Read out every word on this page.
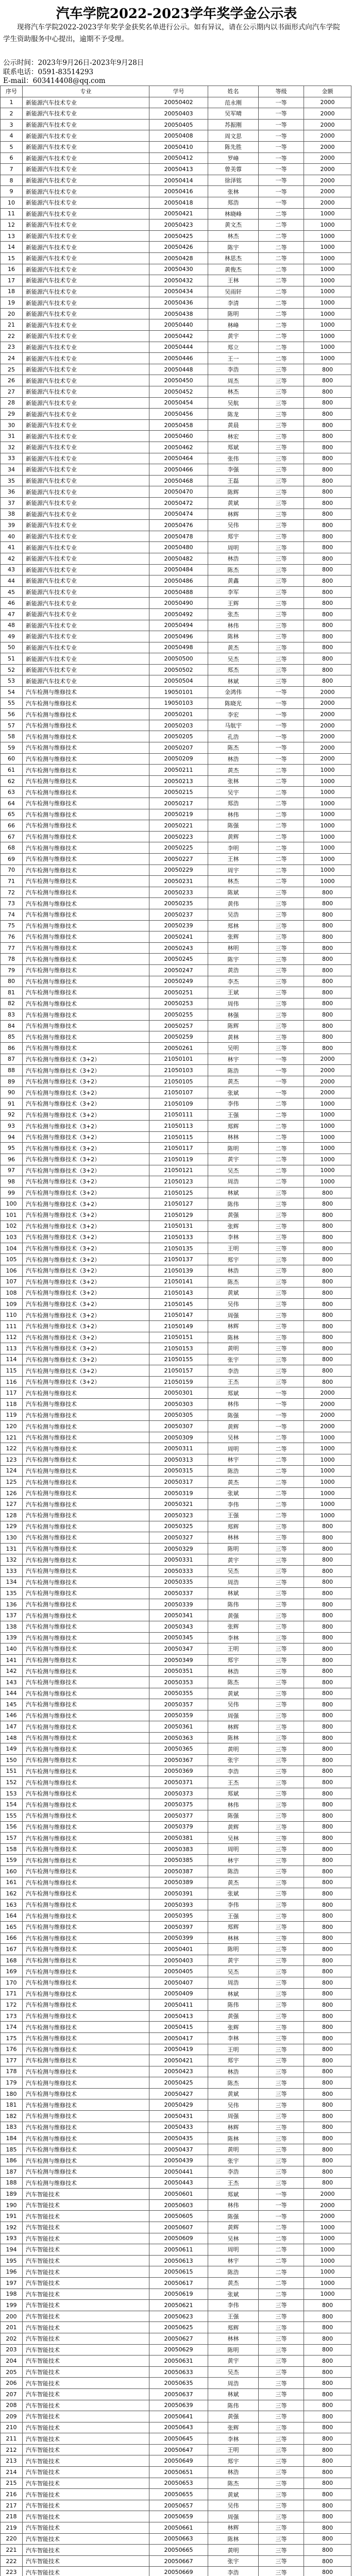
汽车学院2022-2023学年奖学金公示表

现将汽车学院2022-2023学年奖学金获奖名单进行公示。如有异议，请在公示期内以书面形式向汽车学院学生资助服务中心提出，逾期不予受理。

公示时间：2023年9月26日-2023年9月28日
联系电话：0591-83514293
E-mail：603414408@qq.com
序号	专业	学号	姓名	等级	金额
1	新能源汽车技术专业	20050402	范永刚	一等	2000
2	新能源汽车技术专业	20050403	吴军晴	一等	2000
3	新能源汽车技术专业	20050405	苏振刚	一等	2000
4	新能源汽车技术专业	20050408	周文思	一等	2000
5	新能源汽车技术专业	20050410	陈先胜	一等	2000
6	新能源汽车技术专业	20050412	罗峰	一等	2000
7	新能源汽车技术专业	20050413	曾美蓉	一等	2000
8	新能源汽车技术专业	20050414	徐泽铭	一等	2000
9	新能源汽车技术专业	20050416	张林	一等	2000
10	新能源汽车技术专业	20050418	郑浩	一等	2000
11	新能源汽车技术专业	20050421	林晓峰	二等	1000
12	新能源汽车技术专业	20050423	黄文杰	二等	1000
13	新能源汽车技术专业	20050425	林杰	二等	1000
14	新能源汽车技术专业	20050426	陈宇	二等	1000
15	新能源汽车技术专业	20050428	林思杰	二等	1000
16	新能源汽车技术专业	20050430	黄俊杰	二等	1000
17	新能源汽车技术专业	20050432	王林	二等	1000
18	新能源汽车技术专业	20050434	吴雨轩	二等	1000
19	新能源汽车技术专业	20050436	李清	二等	1000
20	新能源汽车技术专业	20050438	陈明	二等	1000
21	新能源汽车技术专业	20050440	林峰	二等	1000
22	新能源汽车技术专业	20050442	黄宇	二等	1000
23	新能源汽车技术专业	20050444	郑立	二等	1000
24	新能源汽车技术专业	20050446	王一	二等	1000
25	新能源汽车技术专业	20050448	李浩	三等	800
26	新能源汽车技术专业	20050450	周杰	三等	800
27	新能源汽车技术专业	20050452	林杰	三等	800
28	新能源汽车技术专业	20050454	吴航	三等	800
29	新能源汽车技术专业	20050456	陈龙	三等	800
30	新能源汽车技术专业	20050458	黄晨	三等	800
31	新能源汽车技术专业	20050460	林宏	三等	800
32	新能源汽车技术专业	20050462	郑斌	三等	800
33	新能源汽车技术专业	20050464	张伟	三等	800
34	新能源汽车技术专业	20050466	李强	三等	800
35	新能源汽车技术专业	20050468	王磊	三等	800
36	新能源汽车技术专业	20050470	陈辉	三等	800
37	新能源汽车技术专业	20050472	黄斌	三等	800
38	新能源汽车技术专业	20050474	林辉	三等	800
39	新能源汽车技术专业	20050476	吴伟	三等	800
40	新能源汽车技术专业	20050478	郑宇	三等	800
41	新能源汽车技术专业	20050480	周明	三等	800
42	新能源汽车技术专业	20050482	林浩	三等	800
43	新能源汽车技术专业	20050484	陈杰	三等	800
44	新能源汽车技术专业	20050486	黄鑫	三等	800
45	新能源汽车技术专业	20050488	李军	三等	800
46	新能源汽车技术专业	20050490	王辉	三等	800
47	新能源汽车技术专业	20050492	张杰	三等	800
48	新能源汽车技术专业	20050494	林伟	三等	800
49	新能源汽车技术专业	20050496	陈林	三等	800
50	新能源汽车技术专业	20050498	黄杰	三等	800
51	新能源汽车技术专业	20050500	吴杰	三等	800
52	新能源汽车技术专业	20050502	郑杰	三等	800
53	新能源汽车技术专业	20050504	林斌	三等	800
54	汽车检测与维修技术	19050101	金鸿伟	一等	2000
55	汽车检测与维修技术	19050103	陈晓光	一等	2000
56	汽车检测与维修技术	20050201	李宏	一等	2000
57	汽车检测与维修技术	20050203	马航宇	一等	2000
58	汽车检测与维修技术	20050205	孔浩	一等	2000
59	汽车检测与维修技术	20050207	陈杰	一等	2000
60	汽车检测与维修技术	20050209	林浩	一等	2000
61	汽车检测与维修技术	20050211	黄杰	二等	1000
62	汽车检测与维修技术	20050213	张林	二等	1000
63	汽车检测与维修技术	20050215	吴宇	二等	1000
64	汽车检测与维修技术	20050217	郑浩	二等	1000
65	汽车检测与维修技术	20050219	林伟	二等	1000
66	汽车检测与维修技术	20050221	陈强	二等	1000
67	汽车检测与维修技术	20050223	黄辉	二等	1000
68	汽车检测与维修技术	20050225	李明	二等	1000
69	汽车检测与维修技术	20050227	王林	二等	1000
70	汽车检测与维修技术	20050229	周宇	二等	1000
71	汽车检测与维修技术	20050231	林杰	二等	1000
72	汽车检测与维修技术	20050233	陈斌	三等	800
73	汽车检测与维修技术	20050235	黄伟	三等	800
74	汽车检测与维修技术	20050237	吴浩	三等	800
75	汽车检测与维修技术	20050239	郑林	三等	800
76	汽车检测与维修技术	20050241	张辉	三等	800
77	汽车检测与维修技术	20050243	林明	三等	800
78	汽车检测与维修技术	20050245	陈宇	三等	800
79	汽车检测与维修技术	20050247	黄浩	三等	800
80	汽车检测与维修技术	20050249	李杰	三等	800
81	汽车检测与维修技术	20050251	王斌	三等	800
82	汽车检测与维修技术	20050253	周伟	三等	800
83	汽车检测与维修技术	20050255	林强	三等	800
84	汽车检测与维修技术	20050257	陈辉	三等	800
85	汽车检测与维修技术	20050259	黄林	三等	800
86	汽车检测与维修技术	20050261	吴明	三等	800
87	汽车检测与维修技术（3+2）	21050101	林宇	一等	2000
88	汽车检测与维修技术（3+2）	21050103	陈浩	一等	2000
89	汽车检测与维修技术（3+2）	21050105	黄杰	一等	2000
90	汽车检测与维修技术（3+2）	21050107	张斌	一等	2000
91	汽车检测与维修技术（3+2）	21050109	李伟	二等	1000
92	汽车检测与维修技术（3+2）	21050111	王强	二等	1000
93	汽车检测与维修技术（3+2）	21050113	郑辉	二等	1000
94	汽车检测与维修技术（3+2）	21050115	林林	二等	1000
95	汽车检测与维修技术（3+2）	21050117	陈明	二等	1000
96	汽车检测与维修技术（3+2）	21050119	黄宇	二等	1000
97	汽车检测与维修技术（3+2）	21050121	吴杰	二等	1000
98	汽车检测与维修技术（3+2）	21050123	周浩	二等	1000
99	汽车检测与维修技术（3+2）	21050125	林斌	三等	800
100	汽车检测与维修技术（3+2）	21050127	陈伟	三等	800
101	汽车检测与维修技术（3+2）	21050129	黄强	三等	800
102	汽车检测与维修技术（3+2）	21050131	张辉	三等	800
103	汽车检测与维修技术（3+2）	21050133	李林	三等	800
104	汽车检测与维修技术（3+2）	21050135	王明	三等	800
105	汽车检测与维修技术（3+2）	21050137	郑宇	三等	800
106	汽车检测与维修技术（3+2）	21050139	林浩	三等	800
107	汽车检测与维修技术（3+2）	21050141	陈杰	三等	800
108	汽车检测与维修技术（3+2）	21050143	黄斌	三等	800
109	汽车检测与维修技术（3+2）	21050145	吴伟	三等	800
110	汽车检测与维修技术（3+2）	21050147	周强	三等	800
111	汽车检测与维修技术（3+2）	21050149	林辉	三等	800
112	汽车检测与维修技术（3+2）	21050151	陈林	三等	800
113	汽车检测与维修技术（3+2）	21050153	黄明	三等	800
114	汽车检测与维修技术（3+2）	21050155	张宇	三等	800
115	汽车检测与维修技术（3+2）	21050157	李浩	三等	800
116	汽车检测与维修技术（3+2）	21050159	王杰	三等	800
117	汽车检测与维修技术	20050301	郑斌	一等	2000
118	汽车检测与维修技术	20050303	林伟	一等	2000
119	汽车检测与维修技术	20050305	陈强	一等	2000
120	汽车检测与维修技术	20050307	黄辉	一等	2000
121	汽车检测与维修技术	20050309	吴林	二等	1000
122	汽车检测与维修技术	20050311	周明	二等	1000
123	汽车检测与维修技术	20050313	林宇	二等	1000
124	汽车检测与维修技术	20050315	陈浩	二等	1000
125	汽车检测与维修技术	20050317	黄杰	二等	1000
126	汽车检测与维修技术	20050319	张斌	二等	1000
127	汽车检测与维修技术	20050321	李伟	二等	1000
128	汽车检测与维修技术	20050323	王强	二等	1000
129	汽车检测与维修技术	20050325	郑辉	三等	800
130	汽车检测与维修技术	20050327	林林	三等	800
131	汽车检测与维修技术	20050329	陈明	三等	800
132	汽车检测与维修技术	20050331	黄宇	三等	800
133	汽车检测与维修技术	20050333	吴杰	三等	800
134	汽车检测与维修技术	20050335	周浩	三等	800
135	汽车检测与维修技术	20050337	林斌	三等	800
136	汽车检测与维修技术	20050339	陈伟	三等	800
137	汽车检测与维修技术	20050341	黄强	三等	800
138	汽车检测与维修技术	20050343	张辉	三等	800
139	汽车检测与维修技术	20050345	李林	三等	800
140	汽车检测与维修技术	20050347	王明	三等	800
141	汽车检测与维修技术	20050349	郑宇	三等	800
142	汽车检测与维修技术	20050351	林浩	三等	800
143	汽车检测与维修技术	20050353	陈杰	三等	800
144	汽车检测与维修技术	20050355	黄斌	三等	800
145	汽车检测与维修技术	20050357	吴伟	三等	800
146	汽车检测与维修技术	20050359	周强	三等	800
147	汽车检测与维修技术	20050361	林辉	三等	800
148	汽车检测与维修技术	20050363	陈林	三等	800
149	汽车检测与维修技术	20050365	黄明	三等	800
150	汽车检测与维修技术	20050367	张宇	三等	800
151	汽车检测与维修技术	20050369	李浩	三等	800
152	汽车检测与维修技术	20050371	王杰	三等	800
153	汽车检测与维修技术	20050373	郑斌	三等	800
154	汽车检测与维修技术	20050375	林伟	三等	800
155	汽车检测与维修技术	20050377	陈强	三等	800
156	汽车检测与维修技术	20050379	黄辉	三等	800
157	汽车检测与维修技术	20050381	吴林	三等	800
158	汽车检测与维修技术	20050383	周明	三等	800
159	汽车检测与维修技术	20050385	林宇	三等	800
160	汽车检测与维修技术	20050387	陈浩	三等	800
161	汽车检测与维修技术	20050389	黄杰	三等	800
162	汽车检测与维修技术	20050391	张斌	三等	800
163	汽车检测与维修技术	20050393	李伟	三等	800
164	汽车检测与维修技术	20050395	王强	三等	800
165	汽车检测与维修技术	20050397	郑辉	三等	800
166	汽车检测与维修技术	20050399	林林	三等	800
167	汽车检测与维修技术	20050401	陈明	三等	800
168	汽车检测与维修技术	20050403	黄宇	三等	800
169	汽车检测与维修技术	20050405	吴杰	三等	800
170	汽车检测与维修技术	20050407	周浩	三等	800
171	汽车检测与维修技术	20050409	林斌	三等	800
172	汽车检测与维修技术	20050411	陈伟	三等	800
173	汽车检测与维修技术	20050413	黄强	三等	800
174	汽车检测与维修技术	20050415	张辉	三等	800
175	汽车检测与维修技术	20050417	李林	三等	800
176	汽车检测与维修技术	20050419	王明	三等	800
177	汽车检测与维修技术	20050421	郑宇	三等	800
178	汽车检测与维修技术	20050423	林浩	三等	800
179	汽车检测与维修技术	20050425	陈杰	三等	800
180	汽车检测与维修技术	20050427	黄斌	三等	800
181	汽车检测与维修技术	20050429	吴伟	三等	800
182	汽车检测与维修技术	20050431	周强	三等	800
183	汽车检测与维修技术	20050433	林辉	三等	800
184	汽车检测与维修技术	20050435	陈林	三等	800
185	汽车检测与维修技术	20050437	黄明	三等	800
186	汽车检测与维修技术	20050439	张宇	三等	800
187	汽车检测与维修技术	20050441	李浩	三等	800
188	汽车检测与维修技术	20050443	王杰	三等	800
189	汽车智能技术	20050601	郑斌	一等	2000
190	汽车智能技术	20050603	林伟	一等	2000
191	汽车智能技术	20050605	陈强	一等	2000
192	汽车智能技术	20050607	黄辉	二等	1000
193	汽车智能技术	20050609	吴林	二等	1000
194	汽车智能技术	20050611	周明	二等	1000
195	汽车智能技术	20050613	林宇	二等	1000
196	汽车智能技术	20050615	陈浩	二等	1000
197	汽车智能技术	20050617	黄杰	二等	1000
198	汽车智能技术	20050619	张斌	二等	1000
199	汽车智能技术	20050621	李伟	三等	800
200	汽车智能技术	20050623	王强	三等	800
201	汽车智能技术	20050625	郑辉	三等	800
202	汽车智能技术	20050627	林林	三等	800
203	汽车智能技术	20050629	陈明	三等	800
204	汽车智能技术	20050631	黄宇	三等	800
205	汽车智能技术	20050633	吴杰	三等	800
206	汽车智能技术	20050635	周浩	三等	800
207	汽车智能技术	20050637	林斌	三等	800
208	汽车智能技术	20050639	陈伟	三等	800
209	汽车智能技术	20050641	黄强	三等	800
210	汽车智能技术	20050643	张辉	三等	800
211	汽车智能技术	20050645	李林	三等	800
212	汽车智能技术	20050647	王明	三等	800
213	汽车智能技术	20050649	郑宇	三等	800
214	汽车智能技术	20050651	林浩	三等	800
215	汽车智能技术	20050653	陈杰	三等	800
216	汽车智能技术	20050655	黄斌	三等	800
217	汽车智能技术	20050657	吴伟	三等	800
218	汽车智能技术	20050659	周强	三等	800
219	汽车智能技术	20050661	林辉	三等	800
220	汽车智能技术	20050663	陈林	三等	800
221	汽车智能技术	20050665	黄明	三等	800
222	汽车智能技术	20050667	张宇	三等	800
223	汽车智能技术	20050669	李浩	三等	800
